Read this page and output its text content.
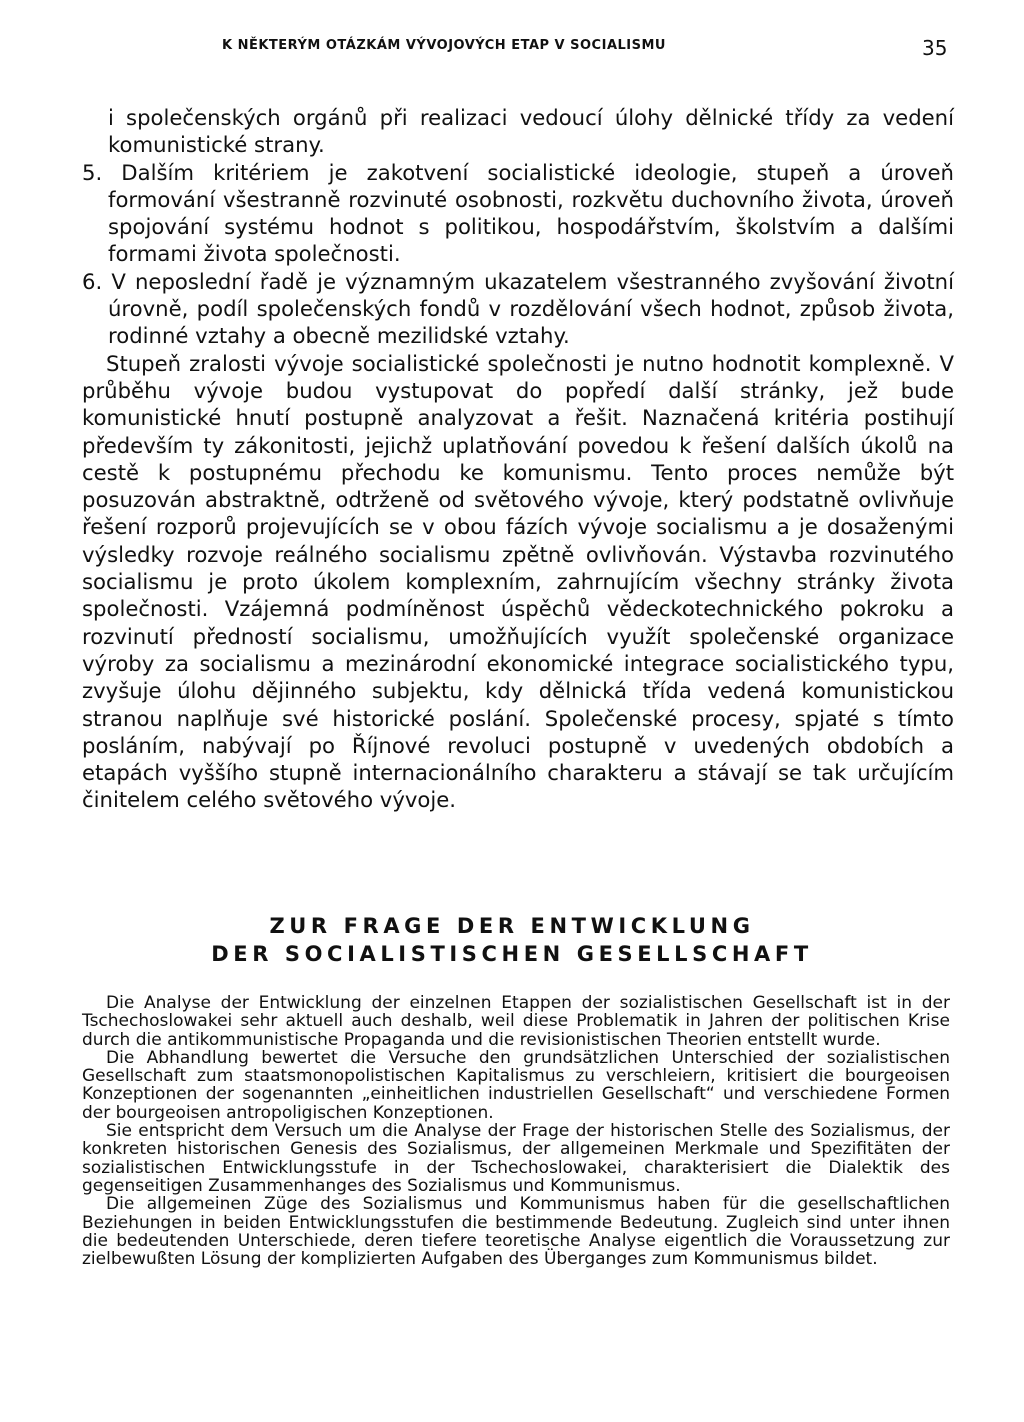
K NĚKTERÝM OTÁZKÁM VÝVOJOVÝCH ETAP V SOCIALISMU	35

i společenských orgánů při realizaci vedoucí úlohy dělnické třídy za vedení komunistické strany.

5. Dalším kritériem je zakotvení socialistické ideologie, stupeň a úroveň formování všestranně rozvinuté osobnosti, rozkvětu duchovního života, úroveň spojování systému hodnot s politikou, hospodářstvím, školstvím a dalšími formami života společnosti.

6. V neposlední řadě je významným ukazatelem všestranného zvyšování životní úrovně, podíl společenských fondů v rozdělování všech hodnot, způsob života, rodinné vztahy a obecně mezilidské vztahy.

Stupeň zralosti vývoje socialistické společnosti je nutno hodnotit komplexně. V průběhu vývoje budou vystupovat do popředí další stránky, jež bude komunistické hnutí postupně analyzovat a řešit. Naznačená kritéria postihují především ty zákonitosti, jejichž uplatňování povedou k řešení dalších úkolů na cestě k postupnému přechodu ke komunismu. Tento proces nemůže být posuzován abstraktně, odtrženě od světového vývoje, který podstatně ovlivňuje řešení rozporů projevujících se v obou fázích vývoje socialismu a je dosaženými výsledky rozvoje reálného socialismu zpětně ovlivňován. Výstavba rozvinutého socialismu je proto úkolem komplexním, zahrnujícím všechny stránky života společnosti. Vzájemná podmíněnost úspěchů vědeckotechnického pokroku a rozvinutí předností socialismu, umožňujících využít společenské organizace výroby za socialismu a mezinárodní ekonomické integrace socialistického typu, zvyšuje úlohu dějinného subjektu, kdy dělnická třída vedená komunistickou stranou naplňuje své historické poslání. Společenské procesy, spjaté s tímto posláním, nabývají po Říjnové revoluci postupně v uvedených obdobích a etapách vyššího stupně internacionálního charakteru a stávají se tak určujícím činitelem celého světového vývoje.

ZUR FRAGE DER ENTWICKLUNG
DER SOCIALISTISCHEN GESELLSCHAFT

Die Analyse der Entwicklung der einzelnen Etappen der sozialistischen Gesellschaft ist in der Tschechoslowakei sehr aktuell auch deshalb, weil diese Problematik in Jahren der politischen Krise durch die antikommunistische Propaganda und die revisionistischen Theorien entstellt wurde.

Die Abhandlung bewertet die Versuche den grundsätzlichen Unterschied der sozialistischen Gesellschaft zum staatsmonopolistischen Kapitalismus zu verschleiern, kritisiert die bourgeoisen Konzeptionen der sogenannten „einheitlichen industriellen Gesellschaft“ und verschiedene Formen der bourgeoisen antropoligischen Konzeptionen.

Sie entspricht dem Versuch um die Analyse der Frage der historischen Stelle des Sozialismus, der konkreten historischen Genesis des Sozialismus, der allgemeinen Merkmale und Spezifitäten der sozialistischen Entwicklungsstufe in der Tschechoslowakei, charakterisiert die Dialektik des gegenseitigen Zusammenhanges des Sozialismus und Kommunismus.

Die allgemeinen Züge des Sozialismus und Kommunismus haben für die gesellschaftlichen Beziehungen in beiden Entwicklungsstufen die bestimmende Bedeutung. Zugleich sind unter ihnen die bedeutenden Unterschiede, deren tiefere teoretische Analyse eigentlich die Voraussetzung zur zielbewußten Lösung der komplizierten Aufgaben des Überganges zum Kommunismus bildet.
